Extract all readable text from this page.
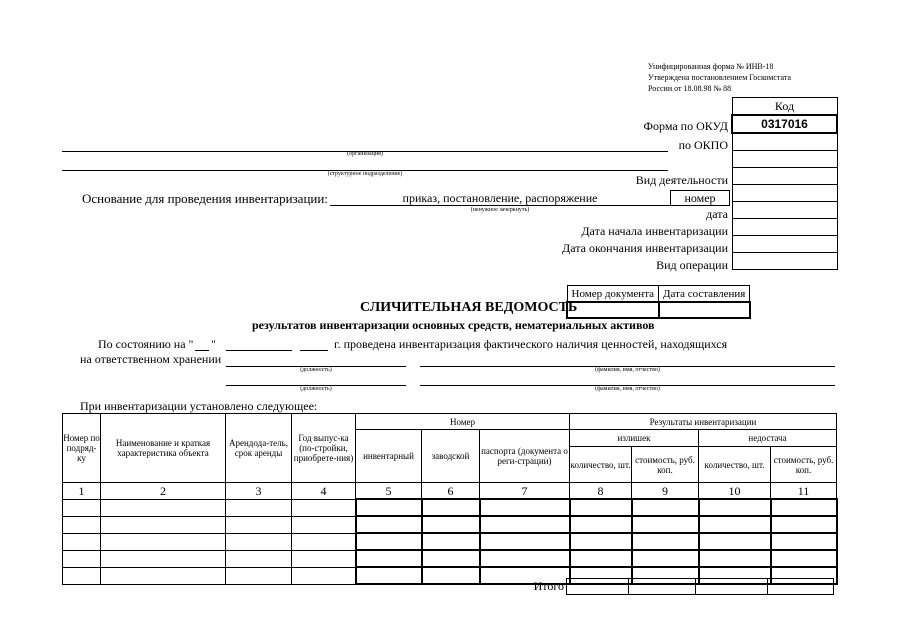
Унифицированная форма № ИНВ-18
Утверждена постановлением Госкомстата
России от 18.08.98 № 88
Код
0317016

Форма по ОКУД
по ОКПО
Вид деятельности
номер
дата
Дата начала инвентаризации
Дата окончания инвентаризации
Вид операции
(организация)
(структурное подразделение)
Основание для проведения инвентаризации:	приказ, постановление, распоряжение
(ненужное зачеркнуть)
Номер документа	Дата составления

СЛИЧИТЕЛЬНАЯ ВЕДОМОСТЬ
результатов инвентаризации основных средств, нематериальных активов
По состоянию на " "	г. проведена инвентаризация фактического наличия ценностей, находящихся
на ответственном хранении
(должность)	(фамилия, имя, отчество)
(должность)	(фамилия, имя, отчество)
При инвентаризации установлено следующее:
Номер по подряд-ку	Наименование и краткая характеристика объекта	Арендода-тель, срок аренды	Год выпус-ка (по-стройки, приобрете-ния)	Номер			Результаты инвентаризации			
				инвентарный	заводской	паспорта (документа о реги-страции)	излишек		недостача	
							количество, шт.	стоимость, руб. коп.	количество, шт.	стоимость, руб. коп.
1	2	3	4	5	6	7	8	9	10	11

Итого
